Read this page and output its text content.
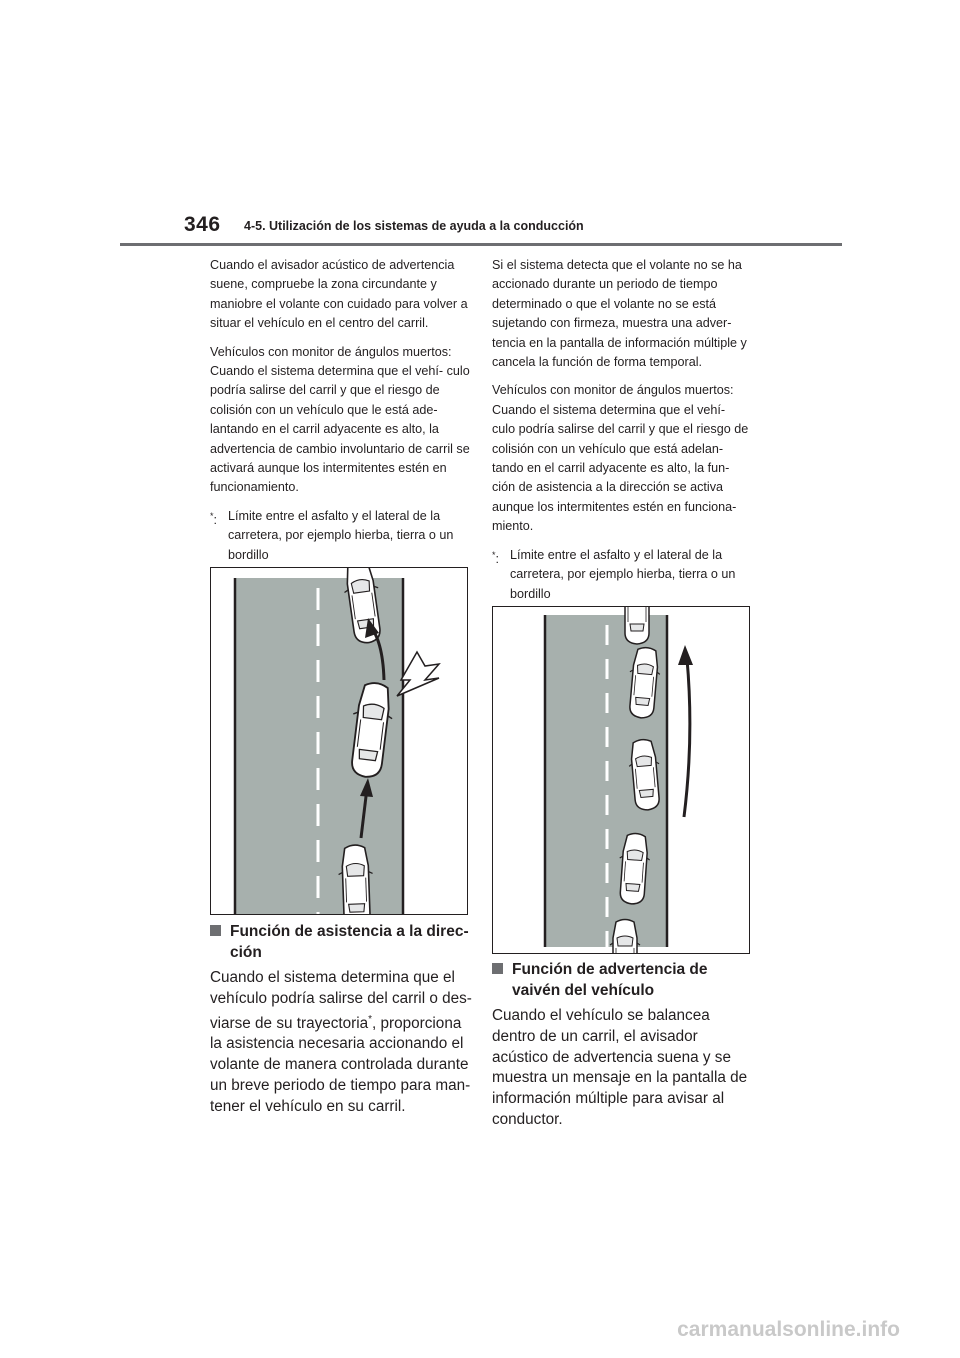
346 4-5. Utilización de los sistemas de ayuda a la conducción

Cuando el avisador acústico de advertencia suene, compruebe la zona circundante y maniobre el volante con cuidado para volver a situar el vehículo en el centro del carril.

Vehículos con monitor de ángulos muertos: Cuando el sistema determina que el vehí- culo podría salirse del carril y que el riesgo de colisión con un vehículo que le está ade- lantando en el carril adyacente es alto, la advertencia de cambio involuntario de carril se activará aunque los intermitentes estén en funcionamiento.

*: Límite entre el asfalto y el lateral de la carretera, por ejemplo hierba, tierra o un bordillo

Función de asistencia a la direc- ción

Cuando el sistema determina que el vehículo podría salirse del carril o des- viarse de su trayectoria*, proporciona la asistencia necesaria accionando el volante de manera controlada durante un breve periodo de tiempo para man- tener el vehículo en su carril.

Si el sistema detecta que el volante no se ha accionado durante un periodo de tiempo determinado o que el volante no se está sujetando con firmeza, muestra una adver- tencia en la pantalla de información múltiple y cancela la función de forma temporal.

Vehículos con monitor de ángulos muertos: Cuando el sistema determina que el vehí- culo podría salirse del carril y que el riesgo de colisión con un vehículo que está adelan- tando en el carril adyacente es alto, la fun- ción de asistencia a la dirección se activa aunque los intermitentes estén en funciona- miento.

*: Límite entre el asfalto y el lateral de la carretera, por ejemplo hierba, tierra o un bordillo

Función de advertencia de vaivén del vehículo

Cuando el vehículo se balancea dentro de un carril, el avisador acústico de advertencia suena y se muestra un mensaje en la pantalla de información múltiple para avisar al conductor.

carmanualsonline.info
